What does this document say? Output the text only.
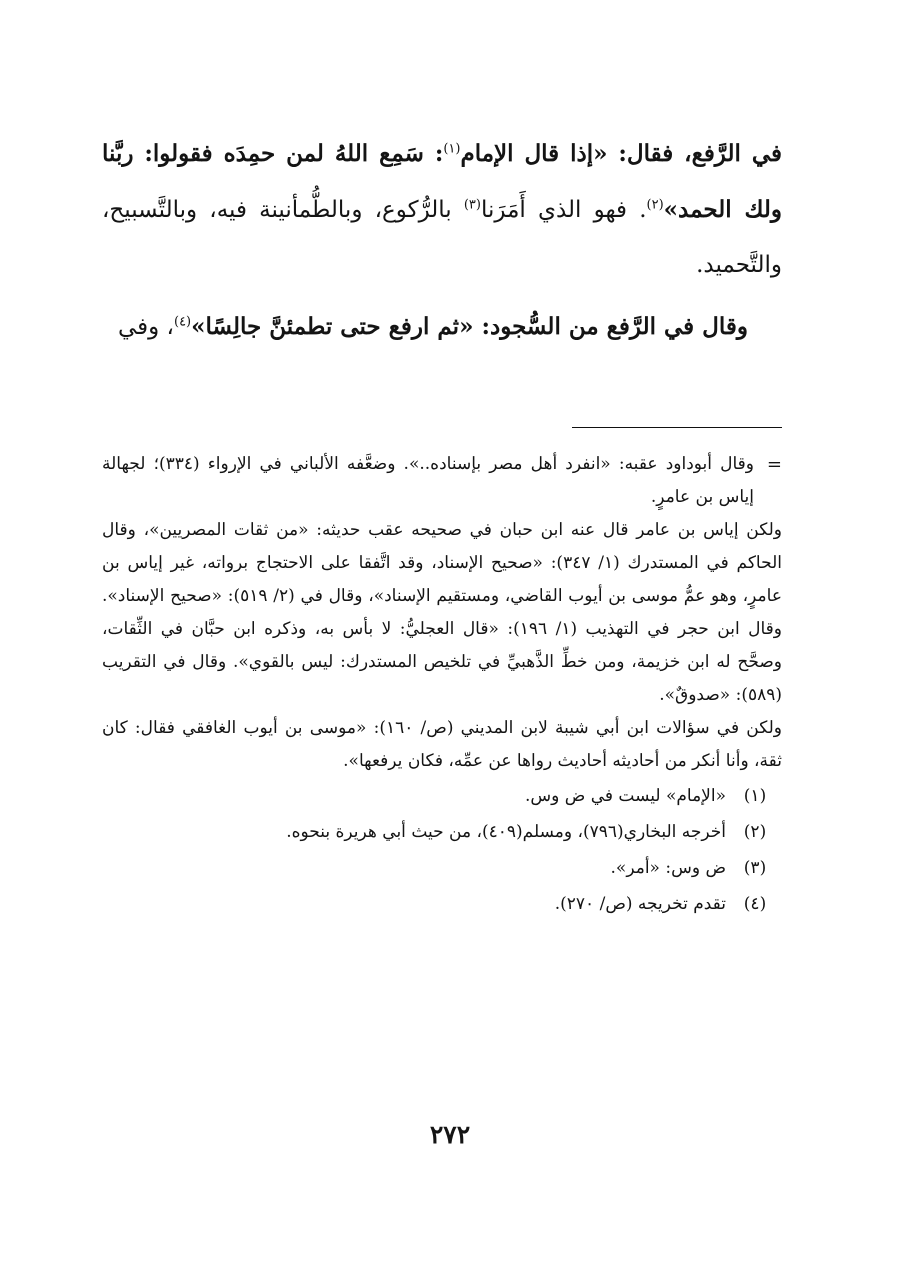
في الرَّفع، فقال: «إذا قال الإمام$^{(١)}$: سَمِع اللهُ لمن حمِدَه فقولوا: ربَّنا ولك الحمد»$^{(٢)}$. فهو الذي أَمَرَنا$^{(٣)}$ بالرُّكوع، وبالطُّمأنينة فيه، وبالتَّسبيح، والتَّحميد.

وقال في الرَّفع من السُّجود: «ثم ارفع حتى تطمئنَّ جالِسًا»$^{(٤)}$، وفي

=

وقال أبوداود عقبه: «انفرد أهل مصر بإسناده..». وضعَّفه الألباني في الإرواء (٣٣٤)؛ لجهالة إياس بن عامرٍ.

ولكن إياس بن عامر قال عنه ابن حبان في صحيحه عقب حديثه: «من ثقات المصريين»، وقال الحاكم في المستدرك (١/ ٣٤٧): «صحيح الإسناد، وقد اتَّفقا على الاحتجاج برواته، غير إياس بن عامرٍ، وهو عمُّ موسى بن أيوب القاضي، ومستقيم الإسناد»، وقال في (٢/ ٥١٩): «صحيح الإسناد». وقال ابن حجر في التهذيب (١/ ١٩٦): «قال العجليُّ: لا بأس به، وذكره ابن حبَّان في الثِّقات، وصحَّح له ابن خزيمة، ومن خطِّ الذَّهبيِّ في تلخيص المستدرك: ليس بالقوي». وقال في التقريب (٥٨٩): «صدوقٌ».

ولكن في سؤالات ابن أبي شيبة لابن المديني (ص/ ١٦٠): «موسى بن أيوب الغافقي فقال: كان ثقة، وأنا أنكر من أحاديثه أحاديث رواها عن عمِّه، فكان يرفعها».

(١)
«الإمام» ليست في ض وس.
(٢)
أخرجه البخاري(٧٩٦)، ومسلم(٤٠٩)، من حيث أبي هريرة بنحوه.
(٣)
ض وس: «أمر».
(٤)
تقدم تخريجه (ص/ ٢٧٠).
٢٧٢
